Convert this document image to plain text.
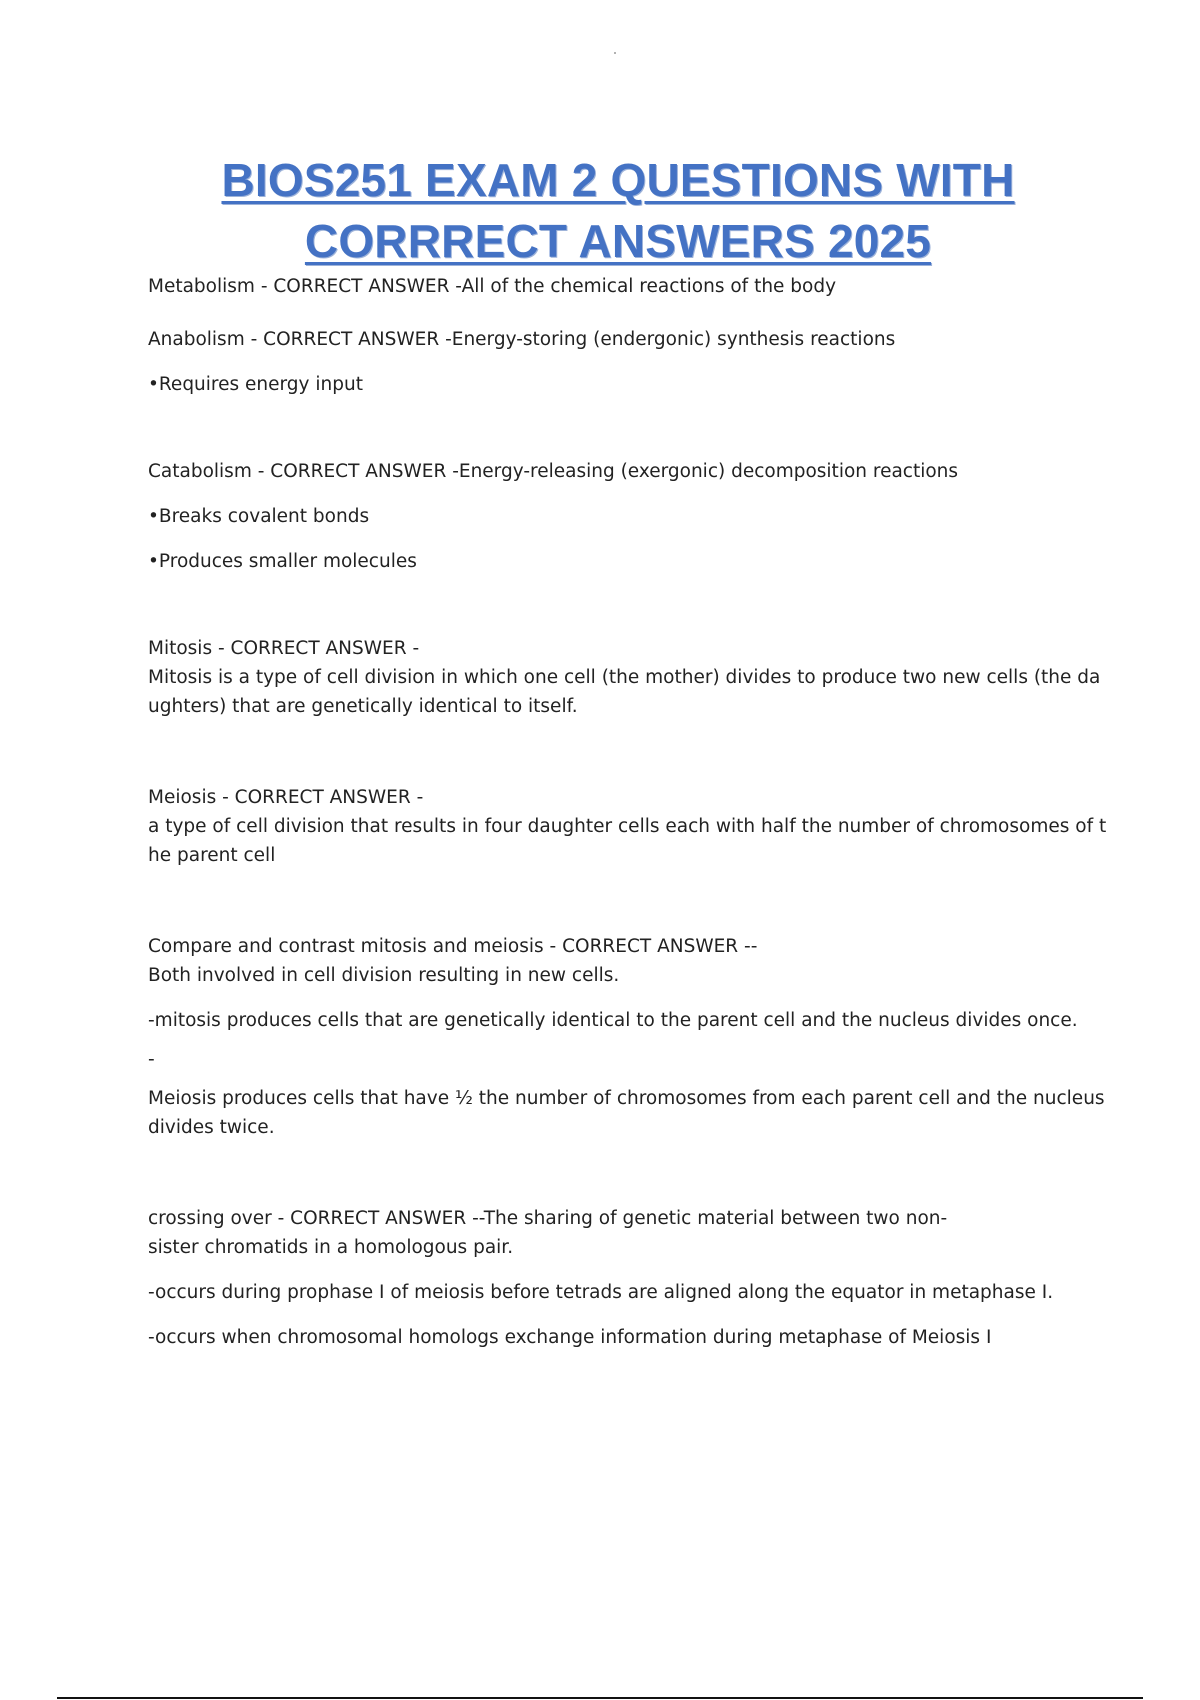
BIOS251 EXAM 2 QUESTIONS WITH
CORRRECT ANSWERS 2025
Metabolism - CORRECT ANSWER -All of the chemical reactions of the body
Anabolism - CORRECT ANSWER -Energy-storing (endergonic) synthesis reactions
•Requires energy input
Catabolism - CORRECT ANSWER -Energy-releasing (exergonic) decomposition reactions
•Breaks covalent bonds
•Produces smaller molecules
Mitosis - CORRECT ANSWER -
Mitosis is a type of cell division in which one cell (the mother) divides to produce two new cells (the da
ughters) that are genetically identical to itself.
Meiosis - CORRECT ANSWER -
a type of cell division that results in four daughter cells each with half the number of chromosomes of t
he parent cell
Compare and contrast mitosis and meiosis - CORRECT ANSWER --
Both involved in cell division resulting in new cells.
-mitosis produces cells that are genetically identical to the parent cell and the nucleus divides once.
-
Meiosis produces cells that have ½ the number of chromosomes from each parent cell and the nucleus
divides twice.
crossing over - CORRECT ANSWER --The sharing of genetic material between two non-
sister chromatids in a homologous pair.
-occurs during prophase I of meiosis before tetrads are aligned along the equator in metaphase I.
-occurs when chromosomal homologs exchange information during metaphase of Meiosis I
